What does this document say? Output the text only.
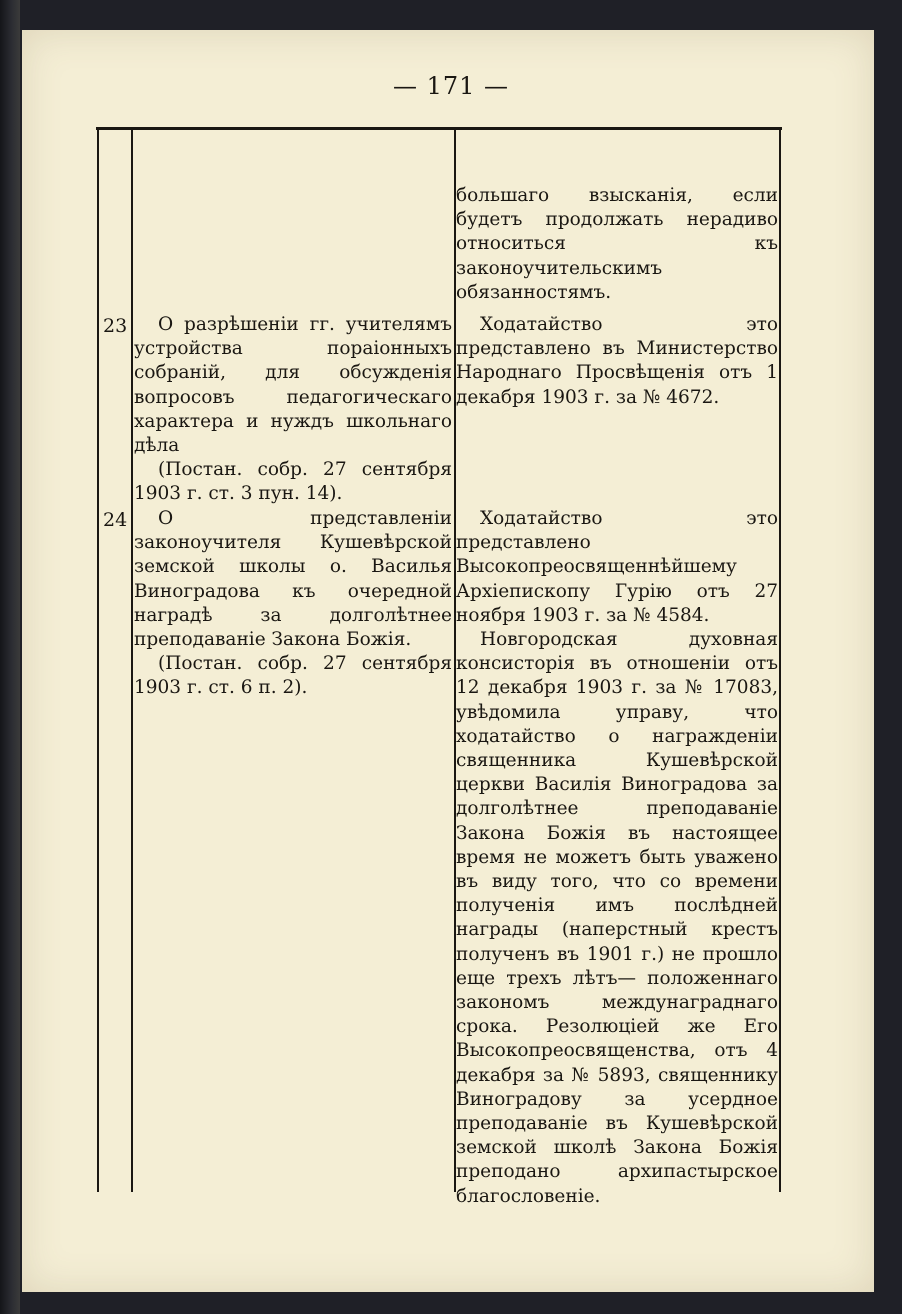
— 171 —

большаго взысканія, если будетъ продолжать нерадиво относиться къ законоучительскимъ обязанностямъ.

23	О разрѣшеніи гг. учителямъ устройства пораіонныхъ собраній, для обсужденія вопросовъ педагогическаго характера и нуждъ школьнаго дѣла

(Постан. собр. 27 сентября 1903 г. ст. 3 пун. 14).

Ходатайство это представлено въ Министерство Народнаго Просвѣщенія отъ 1 декабря 1903 г. за № 4672.

24	О представленіи законоучителя Кушевѣрской земской школы о. Василья Виноградова къ очередной наградѣ за долголѣтнее преподаваніе Закона Божія.

(Постан. собр. 27 сентября 1903 г. ст. 6 п. 2).

Ходатайство это представлено Высокопреосвященнѣйшему Архіепископу Гурію отъ 27 ноября 1903 г. за № 4584.

Новгородская духовная консисторія въ отношеніи отъ 12 декабря 1903 г. за № 17083, увѣдомила управу, что ходатайство о награжденіи священника Кушевѣрской церкви Василія Виноградова за долголѣтнее преподаваніе Закона Божія въ настоящее время не можетъ быть уважено въ виду того, что со времени полученія имъ послѣдней награды (наперстный крестъ полученъ въ 1901 г.) не прошло еще трехъ лѣтъ— положеннаго закономъ междунаграднаго срока. Резолюціей же Его Высокопреосвященства, отъ 4 декабря за № 5893, священнику Виноградову за усердное преподаваніе въ Кушевѣрской земской школѣ Закона Божія преподано архипастырское благословеніе.
